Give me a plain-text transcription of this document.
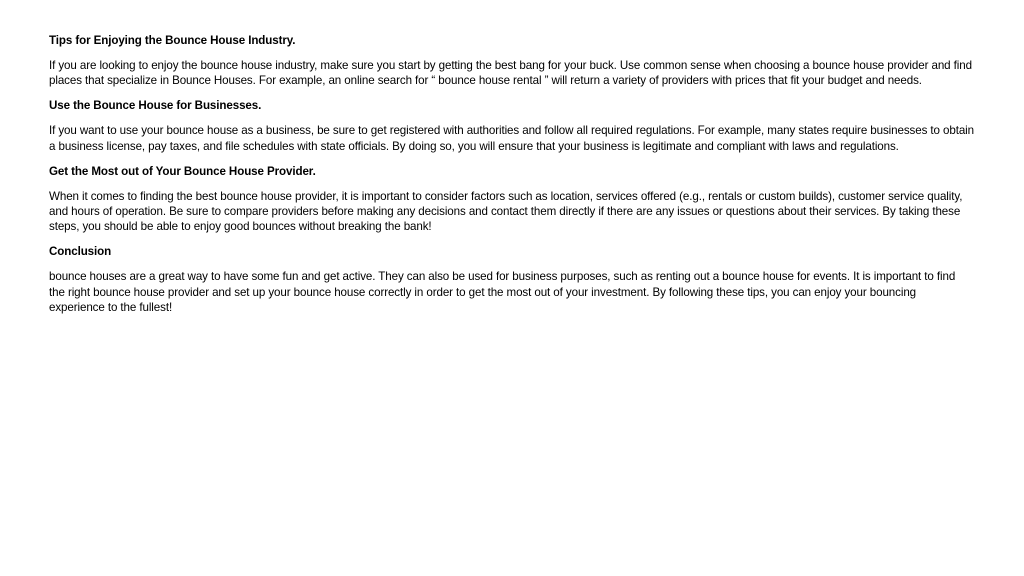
Tips for Enjoying the Bounce House Industry.
If you are looking to enjoy the bounce house industry, make sure you start by getting the best bang for your buck. Use common sense when choosing a bounce house provider and find places that specialize in Bounce Houses. For example, an online search for “ bounce house rental ” will return a variety of providers with prices that fit your budget and needs.
Use the Bounce House for Businesses.
If you want to use your bounce house as a business, be sure to get registered with authorities and follow all required regulations. For example, many states require businesses to obtain a business license, pay taxes, and file schedules with state officials. By doing so, you will ensure that your business is legitimate and compliant with laws and regulations.
Get the Most out of Your Bounce House Provider.
When it comes to finding the best bounce house provider, it is important to consider factors such as location, services offered (e.g., rentals or custom builds), customer service quality, and hours of operation. Be sure to compare providers before making any decisions and contact them directly if there are any issues or questions about their services. By taking these steps, you should be able to enjoy good bounces without breaking the bank!
Conclusion
bounce houses are a great way to have some fun and get active. They can also be used for business purposes, such as renting out a bounce house for events. It is important to find the right bounce house provider and set up your bounce house correctly in order to get the most out of your investment. By following these tips, you can enjoy your bouncing experience to the fullest!
